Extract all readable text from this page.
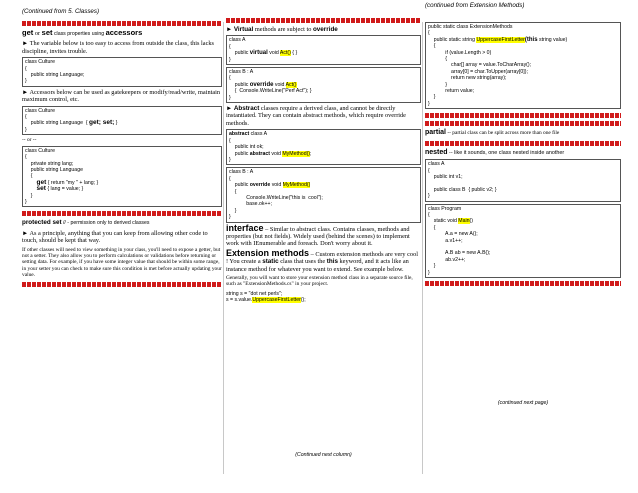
(Continued from 5. Classes)
get or set class properties using accessors
► The variable below is too easy to access from outside the class, this lacks discipline, invites trouble.
class Culture
{
public string Language;
}
► Accessors below can be used as gatekeepers or modify/read/write, maintain maximum control, etc.
class Culture
{
public string Language  { get; set; }
}
-- or --
class Culture
{
private string lang;
public string Language
{
get { return "my " + lang; }
set { lang = value; }
}
}
protected set // - permission only to derived classes
► As a principle, anything that you can keep from allowing other code to touch, should be kept that way.
If other classes will need to view something in your class, you'll need to expose a getter, but not a setter. They also allow you to perform calculations or validations before returning or setting data. For example, if you have some integer value that should be within some range, in your setter you can check to make sure this condition is met before actually updating your value.
► Virtual methods are subject to override
class A
{
public virtual void Act() { }
}
class B : A
{
public override void Act()
{  Console.WriteLine("Perf Act"); }
}
► Abstract classes require a derived class, and cannot be directly instantiated. They can contain abstract methods, which require override methods.
abstract class A
{
public int ok;
public abstract void MyMethod();
}
class B : A
{
public override void MyMethod()
{
Console.WriteLine("this is  cool");
base.ok++;
}
}
interface – Similar to abstract class. Contains classes, methods and properties (but not fields). Widely used (behind the scenes) to implement work with IEnumerable and foreach. Don't worry about it.
Extension methods – Custom extension methods are very cool ! You create a static class that uses the this keyword, and it acts like an instance method for whatever you want to extend. See example below.
Generally, you will want to store your extension method class in a separate source file, such as "ExtensionMethods.cs" in your project.
string s = "dot net perls";
s = s.value.UppercaseFirstLetter();
(Continued next column)
(continued from Extension Methods)
public static class ExtensionMethods
{
public static string UppercaseFirstLetter(this string value)
{
if (value.Length > 0)
{
char[] array = value.ToCharArray();
array[0] = char.ToUpper(array[0]);
return new string(array);
}
return value;
}
}
partial -- partial class can be split across more than one file
nested -- like it sounds, one class nested inside another
class A
{
public int v1;

public class B  { public v2; }
}
class Program
{
static void Main()
{
A.a = new A();
a.v1++;

A.B ab = new A.B();
ab.v2++;
}
}
(continued next page)
